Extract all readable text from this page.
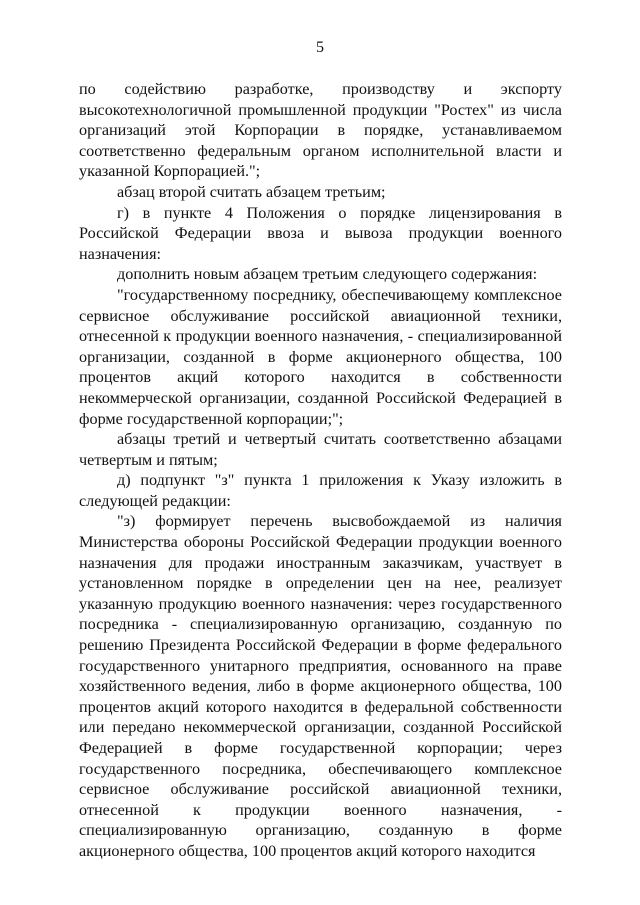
5

по содействию разработке, производству и экспорту высокотехнологичной промышленной продукции "Ростех" из числа организаций этой Корпорации в порядке, устанавливаемом соответственно федеральным органом исполнительной власти и указанной Корпорацией.";

абзац второй считать абзацем третьим;

г) в пункте 4 Положения о порядке лицензирования в Российской Федерации ввоза и вывоза продукции военного назначения:

дополнить новым абзацем третьим следующего содержания:

"государственному посреднику, обеспечивающему комплексное сервисное обслуживание российской авиационной техники, отнесенной к продукции военного назначения, - специализированной организации, созданной в форме акционерного общества, 100 процентов акций которого находится в собственности некоммерческой организации, созданной Российской Федерацией в форме государственной корпорации;";

абзацы третий и четвертый считать соответственно абзацами четвертым и пятым;

д) подпункт "з" пункта 1 приложения к Указу изложить в следующей редакции:

"з) формирует перечень высвобождаемой из наличия Министерства обороны Российской Федерации продукции военного назначения для продажи иностранным заказчикам, участвует в установленном порядке в определении цен на нее, реализует указанную продукцию военного назначения: через государственного посредника - специализированную организацию, созданную по решению Президента Российской Федерации в форме федерального государственного унитарного предприятия, основанного на праве хозяйственного ведения, либо в форме акционерного общества, 100 процентов акций которого находится в федеральной собственности или передано некоммерческой организации, созданной Российской Федерацией в форме государственной корпорации; через государственного посредника, обеспечивающего комплексное сервисное обслуживание российской авиационной техники, отнесенной к продукции военного назначения, - специализированную организацию, созданную в форме акционерного общества, 100 процентов акций которого находится
